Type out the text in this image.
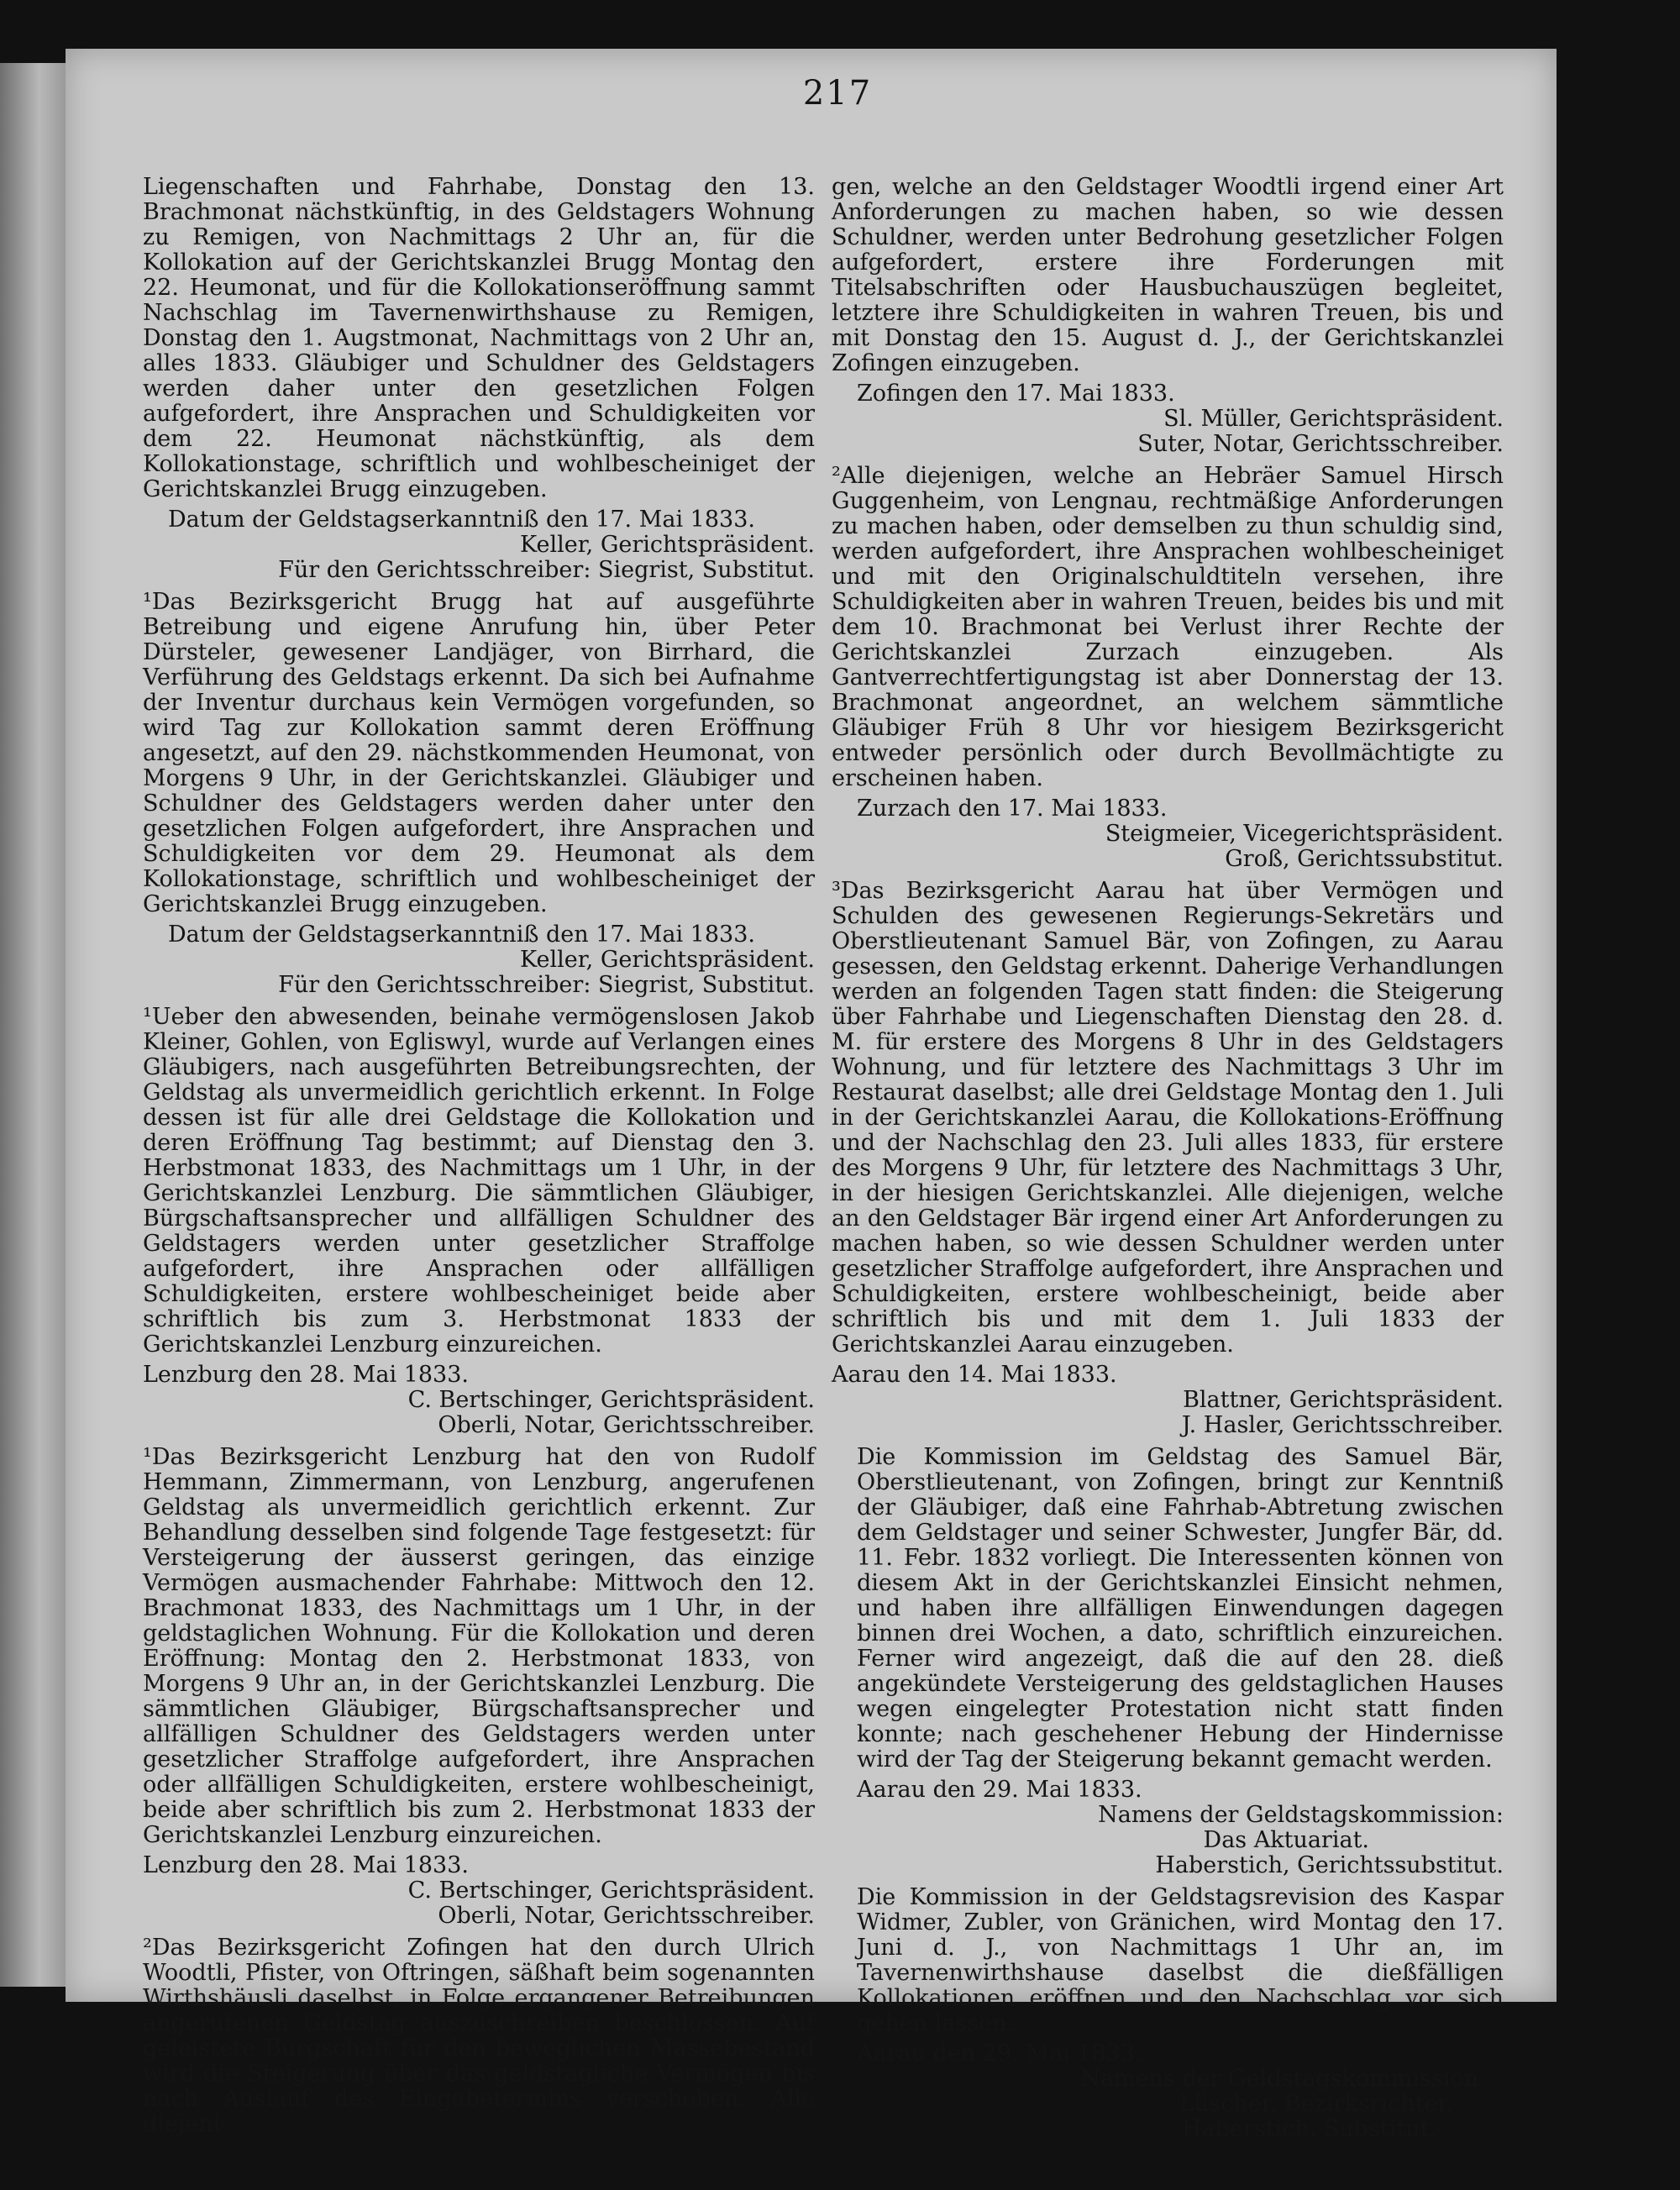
217

Liegenschaften und Fahrhabe, Donstag den 13. Brachmonat nächstkünftig, in des Geldstagers Wohnung zu Remigen, von Nachmittags 2 Uhr an, für die Kollokation auf der Gerichtskanzlei Brugg Montag den 22. Heumonat, und für die Kollokationseröffnung sammt Nachschlag im Tavernenwirthshause zu Remigen, Donstag den 1. Augstmonat, Nachmittags von 2 Uhr an, alles 1833. Gläubiger und Schuldner des Geldstagers werden daher unter den gesetzlichen Folgen aufgefordert, ihre Ansprachen und Schuldigkeiten vor dem 22. Heumonat nächstkünftig, als dem Kollokationstage, schriftlich und wohlbescheiniget der Gerichtskanzlei Brugg einzugeben.

Datum der Geldstagserkanntniß den 17. Mai 1833.
Keller, Gerichtspräsident.
Für den Gerichtsschreiber: Siegrist, Substitut.

¹Das Bezirksgericht Brugg hat auf ausgeführte Betreibung und eigene Anrufung hin, über Peter Dürsteler, gewesener Landjäger, von Birrhard, die Verführung des Geldstags erkennt. Da sich bei Aufnahme der Inventur durchaus kein Vermögen vorgefunden, so wird Tag zur Kollokation sammt deren Eröffnung angesetzt, auf den 29. nächstkommenden Heumonat, von Morgens 9 Uhr, in der Gerichtskanzlei. Gläubiger und Schuldner des Geldstagers werden daher unter den gesetzlichen Folgen aufgefordert, ihre Ansprachen und Schuldigkeiten vor dem 29. Heumonat als dem Kollokationstage, schriftlich und wohlbescheiniget der Gerichtskanzlei Brugg einzugeben.

Datum der Geldstagserkanntniß den 17. Mai 1833.
Keller, Gerichtspräsident.
Für den Gerichtsschreiber: Siegrist, Substitut.

¹Ueber den abwesenden, beinahe vermögenslosen Jakob Kleiner, Gohlen, von Egliswyl, wurde auf Verlangen eines Gläubigers, nach ausgeführten Betreibungsrechten, der Geldstag als unvermeidlich gerichtlich erkennt. In Folge dessen ist für alle drei Geldstage die Kollokation und deren Eröffnung Tag bestimmt; auf Dienstag den 3. Herbstmonat 1833, des Nachmittags um 1 Uhr, in der Gerichtskanzlei Lenzburg. Die sämmtlichen Gläubiger, Bürgschaftsansprecher und allfälligen Schuldner des Geldstagers werden unter gesetzlicher Straffolge aufgefordert, ihre Ansprachen oder allfälligen Schuldigkeiten, erstere wohlbescheiniget beide aber schriftlich bis zum 3. Herbstmonat 1833 der Gerichtskanzlei Lenzburg einzureichen.

Lenzburg den 28. Mai 1833.
C. Bertschinger, Gerichtspräsident.
Oberli, Notar, Gerichtsschreiber.

¹Das Bezirksgericht Lenzburg hat den von Rudolf Hemmann, Zimmermann, von Lenzburg, angerufenen Geldstag als unvermeidlich gerichtlich erkennt. Zur Behandlung desselben sind folgende Tage festgesetzt: für Versteigerung der äusserst geringen, das einzige Vermögen ausmachender Fahrhabe: Mittwoch den 12. Brachmonat 1833, des Nachmittags um 1 Uhr, in der geldstaglichen Wohnung. Für die Kollokation und deren Eröffnung: Montag den 2. Herbstmonat 1833, von Morgens 9 Uhr an, in der Gerichtskanzlei Lenzburg. Die sämmtlichen Gläubiger, Bürgschaftsansprecher und allfälligen Schuldner des Geldstagers werden unter gesetzlicher Straffolge aufgefordert, ihre Ansprachen oder allfälligen Schuldigkeiten, erstere wohlbescheinigt, beide aber schriftlich bis zum 2. Herbstmonat 1833 der Gerichtskanzlei Lenzburg einzureichen.

Lenzburg den 28. Mai 1833.
C. Bertschinger, Gerichtspräsident.
Oberli, Notar, Gerichtsschreiber.

²Das Bezirksgericht Zofingen hat den durch Ulrich Woodtli, Pfister, von Oftringen, säßhaft beim sogenannten Wirthshäusli daselbst, in Folge ergangener Betreibungen angerufenen Geldstag auszuschreiben beschlossen. Auf geleistete Bürgschaft für den beweglichen Massebestand wird die Steigerung über das geldstagliche Vermögen bis nach Auslauf des Eingabetermins verschoben. Alle diejeni-

gen, welche an den Geldstager Woodtli irgend einer Art Anforderungen zu machen haben, so wie dessen Schuldner, werden unter Bedrohung gesetzlicher Folgen aufgefordert, erstere ihre Forderungen mit Titelsabschriften oder Hausbuchauszügen begleitet, letztere ihre Schuldigkeiten in wahren Treuen, bis und mit Donstag den 15. August d. J., der Gerichtskanzlei Zofingen einzugeben.

Zofingen den 17. Mai 1833.
Sl. Müller, Gerichtspräsident.
Suter, Notar, Gerichtsschreiber.

²Alle diejenigen, welche an Hebräer Samuel Hirsch Guggenheim, von Lengnau, rechtmäßige Anforderungen zu machen haben, oder demselben zu thun schuldig sind, werden aufgefordert, ihre Ansprachen wohlbescheiniget und mit den Originalschuldtiteln versehen, ihre Schuldigkeiten aber in wahren Treuen, beides bis und mit dem 10. Brachmonat bei Verlust ihrer Rechte der Gerichtskanzlei Zurzach einzugeben. Als Gantverrechtfertigungstag ist aber Donnerstag der 13. Brachmonat angeordnet, an welchem sämmtliche Gläubiger Früh 8 Uhr vor hiesigem Bezirksgericht entweder persönlich oder durch Bevollmächtigte zu erscheinen haben.

Zurzach den 17. Mai 1833.
Steigmeier, Vicegerichtspräsident.
Groß, Gerichtssubstitut.

³Das Bezirksgericht Aarau hat über Vermögen und Schulden des gewesenen Regierungs-Sekretärs und Oberstlieutenant Samuel Bär, von Zofingen, zu Aarau gesessen, den Geldstag erkennt. Daherige Verhandlungen werden an folgenden Tagen statt finden: die Steigerung über Fahrhabe und Liegenschaften Dienstag den 28. d. M. für erstere des Morgens 8 Uhr in des Geldstagers Wohnung, und für letztere des Nachmittags 3 Uhr im Restaurat daselbst; alle drei Geldstage Montag den 1. Juli in der Gerichtskanzlei Aarau, die Kollokations-Eröffnung und der Nachschlag den 23. Juli alles 1833, für erstere des Morgens 9 Uhr, für letztere des Nachmittags 3 Uhr, in der hiesigen Gerichtskanzlei. Alle diejenigen, welche an den Geldstager Bär irgend einer Art Anforderungen zu machen haben, so wie dessen Schuldner werden unter gesetzlicher Straffolge aufgefordert, ihre Ansprachen und Schuldigkeiten, erstere wohlbescheinigt, beide aber schriftlich bis und mit dem 1. Juli 1833 der Gerichtskanzlei Aarau einzugeben.

Aarau den 14. Mai 1833.
Blattner, Gerichtspräsident.
J. Hasler, Gerichtsschreiber.

Die Kommission im Geldstag des Samuel Bär, Oberstlieutenant, von Zofingen, bringt zur Kenntniß der Gläubiger, daß eine Fahrhab-Abtretung zwischen dem Geldstager und seiner Schwester, Jungfer Bär, dd. 11. Febr. 1832 vorliegt. Die Interessenten können von diesem Akt in der Gerichtskanzlei Einsicht nehmen, und haben ihre allfälligen Einwendungen dagegen binnen drei Wochen, a dato, schriftlich einzureichen. Ferner wird angezeigt, daß die auf den 28. dieß angekündete Versteigerung des geldstaglichen Hauses wegen eingelegter Protestation nicht statt finden konnte; nach geschehener Hebung der Hindernisse wird der Tag der Steigerung bekannt gemacht werden.

Aarau den 29. Mai 1833.
Namens der Geldstagskommission:
Das Aktuariat.
Haberstich, Gerichtssubstitut.

Die Kommission in der Geldstagsrevision des Kaspar Widmer, Zubler, von Gränichen, wird Montag den 17. Juni d. J., von Nachmittags 1 Uhr an, im Tavernenwirthshause daselbst die dießfälligen Kollokationen eröffnen und den Nachschlag vor sich gehen lassen.

Aarau den 29. Mai 1833.
Namens der Geldstagskommission
Lüscher, Bezirksrichter.
Haberstich, Substitut.
